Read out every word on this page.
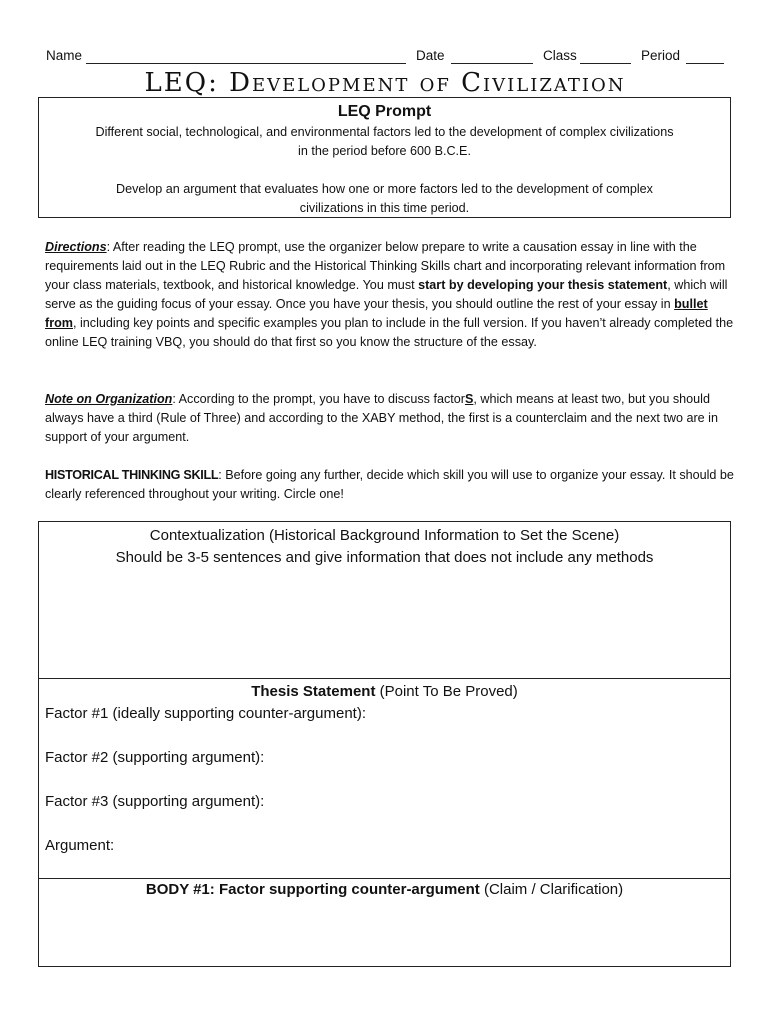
Name	Date	Class	Period
LEQ: Development of Civilization
LEQ Prompt
Different social, technological, and environmental factors led to the development of complex civilizations
in the period before 600 B.C.E.
Develop an argument that evaluates how one or more factors led to the development of complex
civilizations in this time period.

Directions: After reading the LEQ prompt, use the organizer below prepare to write a causation essay in line with the requirements laid out in the LEQ Rubric and the Historical Thinking Skills chart and incorporating relevant information from your class materials, textbook, and historical knowledge. You must start by developing your thesis statement, which will serve as the guiding focus of your essay. Once you have your thesis, you should outline the rest of your essay in bullet from, including key points and specific examples you plan to include in the full version. If you haven’t already completed the online LEQ training VBQ, you should do that first so you know the structure of the essay.

Note on Organization: According to the prompt, you have to discuss factorS, which means at least two, but you should always have a third (Rule of Three) and according to the XABY method, the first is a counterclaim and the next two are in support of your argument.

HISTORICAL THINKING SKILL: Before going any further, decide which skill you will use to organize your essay. It should be clearly referenced throughout your writing. Circle one!

Contextualization (Historical Background Information to Set the Scene)
Should be 3-5 sentences and give information that does not include any methods
Thesis Statement (Point To Be Proved)
Factor #1 (ideally supporting counter-argument):
Factor #2 (supporting argument):
Factor #3 (supporting argument):
Argument:
BODY #1: Factor supporting counter-argument (Claim / Clarification)
